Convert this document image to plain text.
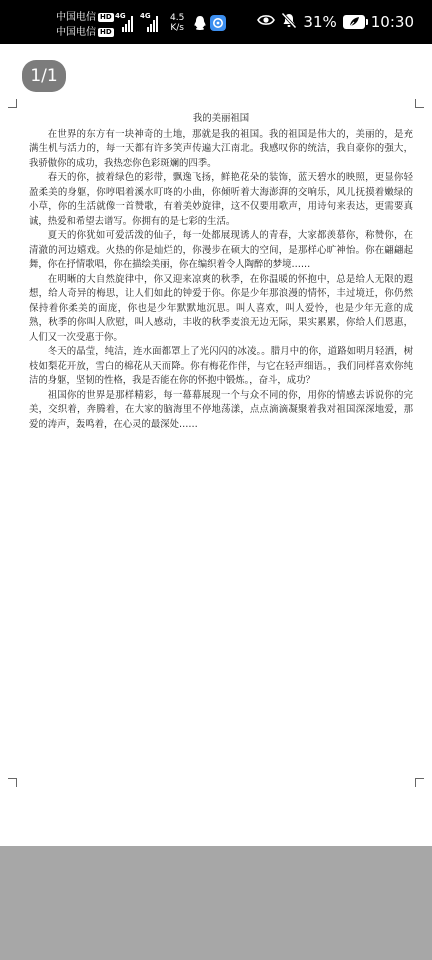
中国电信 HD
中国电信 HD
4G 4G 4.5
K/s	31% 10:30
1/1
我的美丽祖国

在世界的东方有一块神奇的土地，那就是我的祖国。我的祖国是伟大的，美丽的，是充满生机与活力的，每一天都有许多笑声传遍大江南北。我感叹你的统洁，我自豪你的强大，我骄傲你的成功，我热恋你色彩斑斓的四季。

春天的你，披着绿色的彩带，飘逸飞扬，鲜艳花朵的装饰，蓝天碧水的映照，更显你轻盈柔美的身躯，你哼唱着溪水叮咚的小曲，你倾听着大海澎湃的交响乐，风儿抚摸着嫩绿的小草，你的生活就像一首赞歌，有着美妙旋律，这不仅要用歌声，用诗句来表达，更需要真诚，热爱和希望去谱写。你拥有的是七彩的生活。

夏天的你犹如可爱活泼的仙子，每一处都展现诱人的青春，大家都羡慕你，称赞你，在清澈的河边嬉戏。火热的你是灿烂的，你漫步在硕大的空间，是那样心旷神怡。你在翩翩起舞，你在抒情歌唱，你在描绘美丽，你在编织着令人陶醉的梦境……

在明晰的大自然旋律中，你又迎来凉爽的秋季，在你温暖的怀抱中，总是给人无限的遐想，给人奇异的梅思，让人们如此的钟爱于你。你是少年那浪漫的情怀，丰过境迁，你仍然保持着你柔美的面庞，你也是少年默默地沉思。叫人喜欢，叫人爱怜，也是少年无意的成熟，秋季的你叫人欣慰，叫人感动，丰收的秋季麦浪无边无际，果实累累，你给人们恩惠，人们又一次受惠于你。

冬天的晶莹，纯洁，连水面都罩上了光闪闪的冰凌。。腊月中的你，道路如明月轻洒，树枝如梨花开放，雪白的棉花从天而降。你有梅花作伴，与它在轻声细语。，我们同样喜欢你纯洁的身躯，坚韧的性格，我是否能在你的怀抱中锻炼。，奋斗，成功？

祖国你的世界是那样精彩，每一幕幕展现一个与众不同的你，用你的情感去诉说你的完美，交织着，奔腾着，在大家的脑海里不停地荡漾，点点滴滴凝聚着我对祖国深深地爱，那爱的涛声，轰鸣着，在心灵的最深处……
